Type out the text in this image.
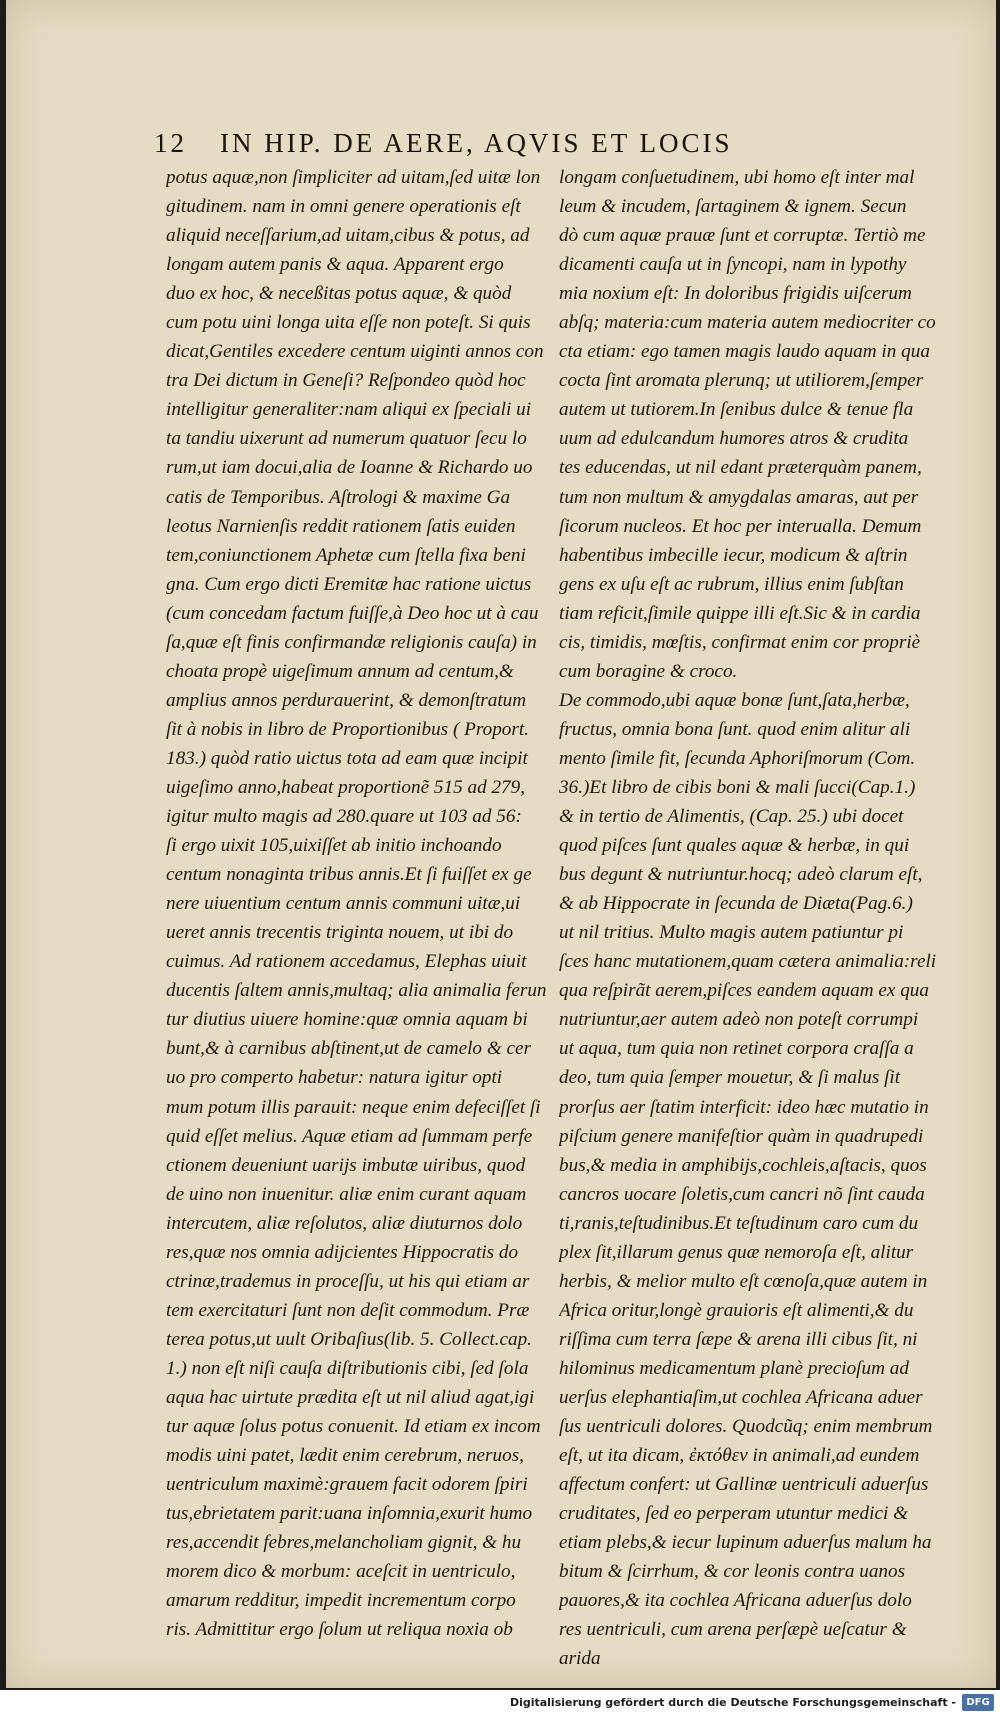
12 IN HIP. DE AERE, AQVIS ET LOCIS
potus aquæ,non ſimpliciter ad uitam,ſed uitæ lon
gitudinem. nam in omni genere operationis eſt
aliquid neceſſarium,ad uitam,cibus & potus, ad
longam autem panis & aqua. Apparent ergo
duo ex hoc, & neceßitas potus aquæ, & quòd
cum potu uini longa uita eſſe non poteſt. Si quis
dicat,Gentiles excedere centum uiginti annos con
tra Dei dictum in Geneſi? Reſpondeo quòd hoc
intelligitur generaliter:nam aliqui ex ſpeciali ui
ta tandiu uixerunt ad numerum quatuor ſecu lo
rum,ut iam docui,alia de Ioanne & Richardo uo
catis de Temporibus. Aſtrologi & maxime Ga
leotus Narnienſis reddit rationem ſatis euiden
tem,coniunctionem Aphetæ cum ſtella fixa beni
gna. Cum ergo dicti Eremitæ hac ratione uictus
(cum concedam factum fuiſſe,à Deo hoc ut à cau
ſa,quæ eſt finis confirmandæ religionis cauſa) in
choata propè uigeſimum annum ad centum,&
amplius annos perdurauerint, & demonſtratum
ſit à nobis in libro de Proportionibus ( Proport.
183.) quòd ratio uictus tota ad eam quæ incipit
uigeſimo anno,habeat proportionẽ 515 ad 279,
igitur multo magis ad 280.quare ut 103 ad 56:
ſi ergo uixit 105,uixiſſet ab initio inchoando
centum nonaginta tribus annis.Et ſi fuiſſet ex ge
nere uiuentium centum annis communi uitæ,ui
ueret annis trecentis triginta nouem, ut ibi do
cuimus. Ad rationem accedamus, Elephas uiuit
ducentis ſaltem annis,multaq; alia animalia ferun
tur diutius uiuere homine:quæ omnia aquam bi
bunt,& à carnibus abſtinent,ut de camelo & cer
uo pro comperto habetur: natura igitur opti
mum potum illis parauit: neque enim defeciſſet ſi
quid eſſet melius. Aquæ etiam ad ſummam perfe
ctionem deueniunt uarijs imbutæ uiribus, quod
de uino non inuenitur. aliæ enim curant aquam
intercutem, aliæ reſolutos, aliæ diuturnos dolo
res,quæ nos omnia adijcientes Hippocratis do
ctrinæ,trademus in proceſſu, ut his qui etiam ar
tem exercitaturi ſunt non deſit commodum. Præ
terea potus,ut uult Oribaſius(lib. 5. Collect.cap.
1.) non eſt niſi cauſa diſtributionis cibi, ſed ſola
aqua hac uirtute prædita eſt ut nil aliud agat,igi
tur aquæ ſolus potus conuenit. Id etiam ex incom
modis uini patet, lædit enim cerebrum, neruos,
uentriculum maximè:grauem facit odorem ſpiri
tus,ebrietatem parit:uana inſomnia,exurit humo
res,accendit febres,melancholiam gignit, & hu
morem dico & morbum: aceſcit in uentriculo,
amarum redditur, impedit incrementum corpo
ris. Admittitur ergo ſolum ut reliqua noxia ob
longam conſuetudinem, ubi homo eſt inter mal
leum & incudem, ſartaginem & ignem. Secun
dò cum aquæ prauæ ſunt et corruptæ. Tertiò me
dicamenti cauſa ut in ſyncopi, nam in lypothy
mia noxium eſt: In doloribus frigidis uiſcerum
abſq; materia:cum materia autem mediocriter co
cta etiam: ego tamen magis laudo aquam in qua
cocta ſint aromata plerunq; ut utiliorem,ſemper
autem ut tutiorem.In ſenibus dulce & tenue fla
uum ad edulcandum humores atros & crudita
tes educendas, ut nil edant præterquàm panem,
tum non multum & amygdalas amaras, aut per
ſicorum nucleos. Et hoc per interualla. Demum
habentibus imbecille iecur, modicum & aſtrin
gens ex uſu eſt ac rubrum, illius enim ſubſtan
tiam reficit,ſimile quippe illi eſt.Sic & in cardia
cis, timidis, mœſtis, confirmat enim cor propriè
cum boragine & croco.
De commodo,ubi aquæ bonæ ſunt,ſata,herbæ,
fructus, omnia bona ſunt. quod enim alitur ali
mento ſimile fit, ſecunda Aphoriſmorum (Com.
36.)Et libro de cibis boni & mali ſucci(Cap.1.)
& in tertio de Alimentis, (Cap. 25.) ubi docet
quod piſces ſunt quales aquæ & herbæ, in qui
bus degunt & nutriuntur.hocq; adeò clarum eſt,
& ab Hippocrate in ſecunda de Diæta(Pag.6.)
ut nil tritius. Multo magis autem patiuntur pi
ſces hanc mutationem,quam cætera animalia:reli
qua reſpirãt aerem,piſces eandem aquam ex qua
nutriuntur,aer autem adeò non poteſt corrumpi
ut aqua, tum quia non retinet corpora craſſa a
deo, tum quia ſemper mouetur, & ſi malus ſit
prorſus aer ſtatim interficit: ideo hæc mutatio in
piſcium genere manifeſtior quàm in quadrupedi
bus,& media in amphibijs,cochleis,aſtacis, quos
cancros uocare ſoletis,cum cancri nõ ſint cauda
ti,ranis,teſtudinibus.Et teſtudinum caro cum du
plex ſit,illarum genus quæ nemoroſa eſt, alitur
herbis, & melior multo eſt cœnoſa,quæ autem in
Africa oritur,longè grauioris eſt alimenti,& du
riſſima cum terra ſæpe & arena illi cibus ſit, ni
hilominus medicamentum planè precioſum ad
uerſus elephantiaſim,ut cochlea Africana aduer
ſus uentriculi dolores. Quodcũq; enim membrum
eſt, ut ita dicam, ἐκτόθεν in animali,ad eundem
affectum confert: ut Gallinæ uentriculi aduerſus
cruditates, ſed eo perperam utuntur medici &
etiam plebs,& iecur lupinum aduerſus malum ha
bitum & ſcirrhum, & cor leonis contra uanos
pauores,& ita cochlea Africana aduerſus dolo
res uentriculi, cum arena perſæpè ueſcatur &
arida
Digitalisierung gefördert durch die Deutsche Forschungsgemeinschaft -	DFG
